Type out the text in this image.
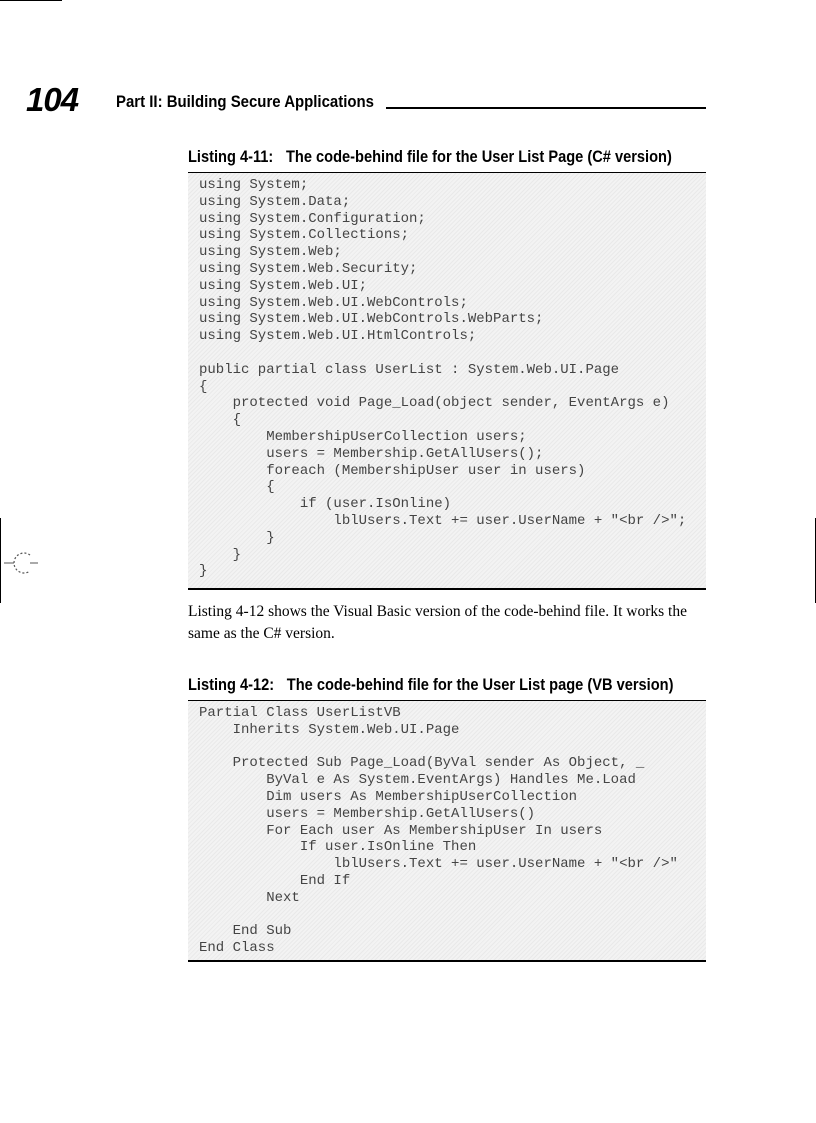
104 Part II: Building Secure Applications
Listing 4-11: The code-behind file for the User List Page (C# version)
using System;
using System.Data;
using System.Configuration;
using System.Collections;
using System.Web;
using System.Web.Security;
using System.Web.UI;
using System.Web.UI.WebControls;
using System.Web.UI.WebControls.WebParts;
using System.Web.UI.HtmlControls;
public partial class UserList : System.Web.UI.Page
{
protected void Page_Load(object sender, EventArgs e)
{
MembershipUserCollection users;
users = Membership.GetAllUsers();
foreach (MembershipUser user in users)
{
if (user.IsOnline)
lblUsers.Text += user.UserName + "<br />";
}
}
}

Listing 4-12 shows the Visual Basic version of the code-behind file. It works the same as the C# version.

Listing 4-12: The code-behind file for the User List page (VB version)
Partial Class UserListVB
Inherits System.Web.UI.Page
Protected Sub Page_Load(ByVal sender As Object, _
ByVal e As System.EventArgs) Handles Me.Load
Dim users As MembershipUserCollection
users = Membership.GetAllUsers()
For Each user As MembershipUser In users
If user.IsOnline Then
lblUsers.Text += user.UserName + "<br />"
End If
Next
End Sub
End Class
